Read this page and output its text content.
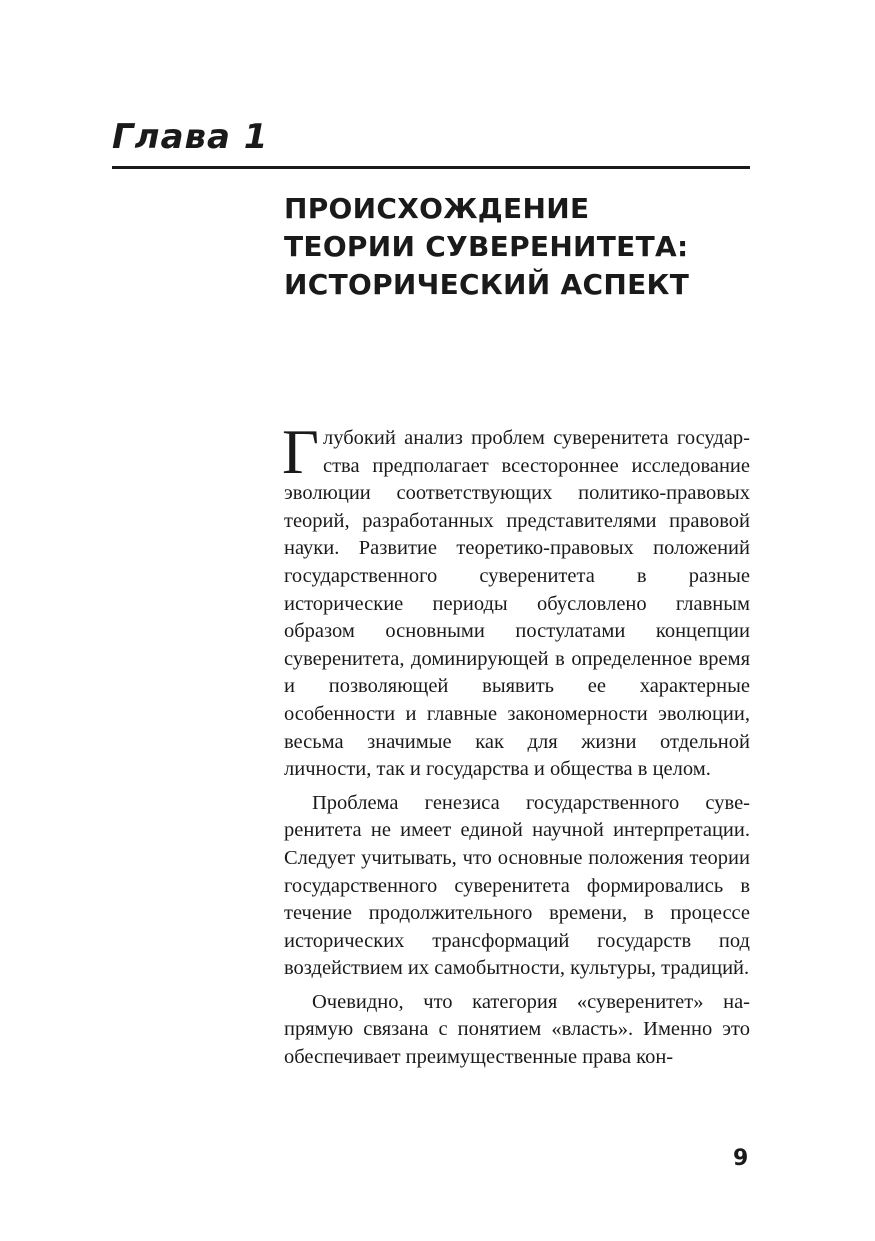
Глава 1
ПРОИСХОЖДЕНИЕ
ТЕОРИИ СУВЕРЕНИТЕТА:
ИСТОРИЧЕСКИЙ АСПЕКТ

Глубокий анализ проблем суверенитета государства предполагает всестороннее исследование эволюции соответствующих политико-правовых теорий, разработанных представителями правовой науки. Развитие теоретико-правовых положений государственного суверенитета в разные исторические периоды обусловлено главным образом основными постулатами концепции суверенитета, доминирующей в определенное время и позволяющей выявить ее характерные особенности и главные закономерности эволюции, весьма значимые как для жизни отдельной личности, так и государства и общества в целом.

Проблема генезиса государственного суверенитета не имеет единой научной интерпретации. Следует учитывать, что основные положения теории государственного суверенитета формировались в течение продолжительного времени, в процессе исторических трансформаций государств под воздействием их самобытности, культуры, традиций.

Очевидно, что категория «суверенитет» напрямую связана с понятием «власть». Именно это обеспечивает преимущественные права кон-

9
